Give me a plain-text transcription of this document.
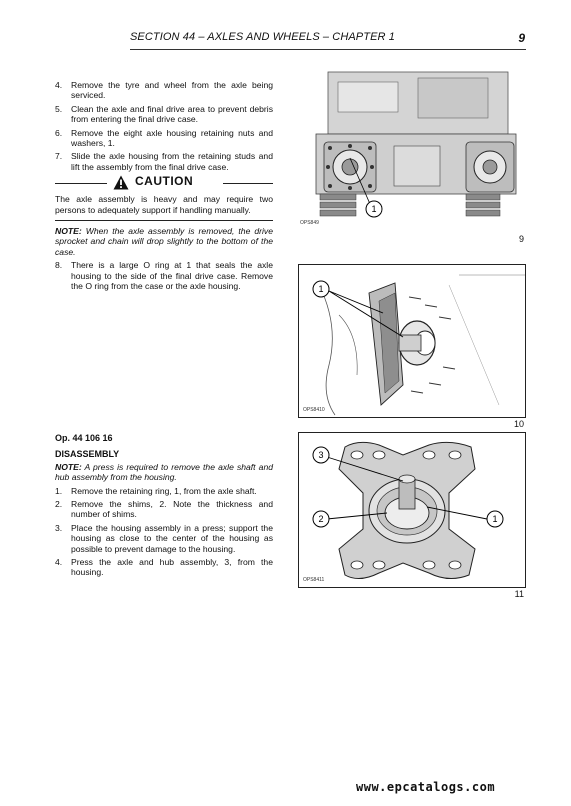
SECTION 44 – AXLES AND WHEELS – CHAPTER 1	9
4. Remove the tyre and wheel from the axle being serviced.
5. Clean the axle and final drive area to prevent debris from entering the final drive case.
6. Remove the eight axle housing retaining nuts and washers, 1.
7. Slide the axle housing from the retaining studs and lift the assembly from the final drive case.
CAUTION
The axle assembly is heavy and may require two persons to adequately support if handling manually.
NOTE: When the axle assembly is removed, the drive sprocket and chain will drop slightly to the bottom of the case.
8. There is a large O ring at 1 that seals the axle housing to the side of the final drive case. Remove the O ring from the case or the axle housing.
Op. 44 106 16
DISASSEMBLY
NOTE: A press is required to remove the axle shaft and hub assembly from the housing.
1. Remove the retaining ring, 1, from the axle shaft.
2. Remove the shims, 2. Note the thickness and number of shims.
3. Place the housing assembly in a press; support the housing as close to the center of the housing as possible to prevent damage to the housing.
4. Press the axle and hub assembly, 3, from the housing.
1
OPS849
9
1
OPS8410
10
3
2	1
OPS8411
11
www.epcatalogs.com
